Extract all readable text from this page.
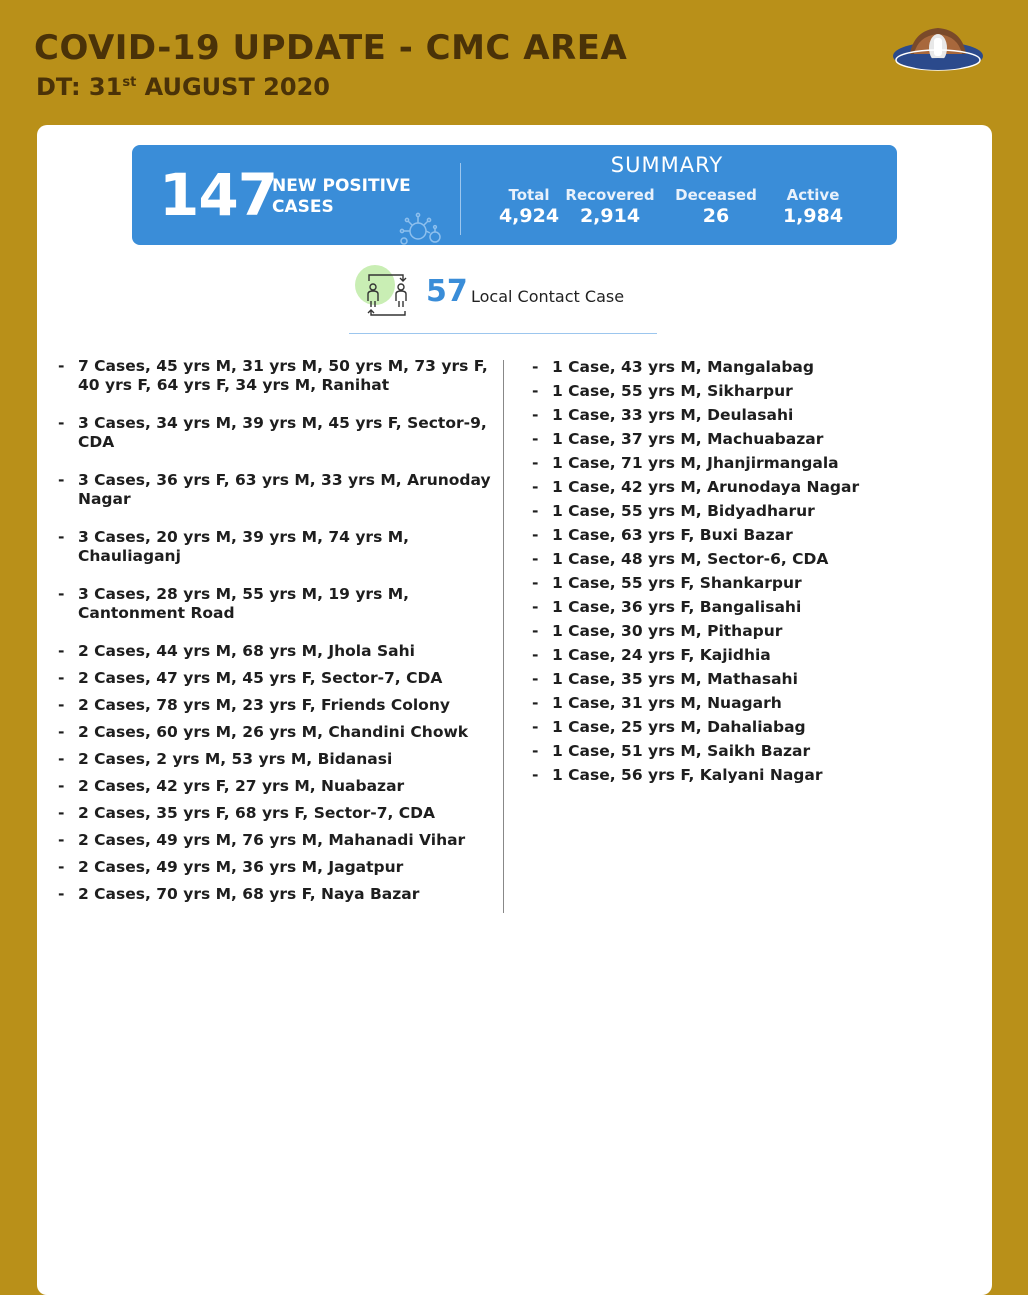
COVID-19 UPDATE - CMC AREA
DT: 31st AUGUST 2020
147
NEW POSITIVE CASES
SUMMARY
Total
4,924
Recovered
2,914
Deceased
26
Active
1,984
57 Local Contact Case
- 7 Cases, 45 yrs M, 31 yrs M, 50 yrs M, 73 yrs F, 40 yrs F, 64 yrs F, 34 yrs M, Ranihat
- 3 Cases, 34 yrs M, 39 yrs M, 45 yrs F, Sector-9, CDA
- 3 Cases, 36 yrs F, 63 yrs M, 33 yrs M, Arunoday Nagar
- 3 Cases, 20 yrs M, 39 yrs M, 74 yrs M, Chauliaganj
- 3 Cases, 28 yrs M, 55 yrs M, 19 yrs M, Cantonment Road
- 2 Cases, 44 yrs M, 68 yrs M, Jhola Sahi
- 2 Cases, 47 yrs M, 45 yrs F, Sector-7, CDA
- 2 Cases, 78 yrs M, 23 yrs F, Friends Colony
- 2 Cases, 60 yrs M, 26 yrs M, Chandini Chowk
- 2 Cases, 2 yrs M, 53 yrs M, Bidanasi
- 2 Cases, 42 yrs F, 27 yrs M, Nuabazar
- 2 Cases, 35 yrs F, 68 yrs F, Sector-7, CDA
- 2 Cases, 49 yrs M, 76 yrs M, Mahanadi Vihar
- 2 Cases, 49 yrs M, 36 yrs M, Jagatpur
- 2 Cases, 70 yrs M, 68 yrs F, Naya Bazar
- 1 Case, 43 yrs M, Mangalabag
- 1 Case, 55 yrs M, Sikharpur
- 1 Case, 33 yrs M, Deulasahi
- 1 Case, 37 yrs M, Machuabazar
- 1 Case, 71 yrs M, Jhanjirmangala
- 1 Case, 42 yrs M, Arunodaya Nagar
- 1 Case, 55 yrs M, Bidyadharur
- 1 Case, 63 yrs F, Buxi Bazar
- 1 Case, 48 yrs M, Sector-6, CDA
- 1 Case, 55 yrs F, Shankarpur
- 1 Case, 36 yrs F, Bangalisahi
- 1 Case, 30 yrs M, Pithapur
- 1 Case, 24 yrs F, Kajidhia
- 1 Case, 35 yrs M, Mathasahi
- 1 Case, 31 yrs M, Nuagarh
- 1 Case, 25 yrs M, Dahaliabag
- 1 Case, 51 yrs M, Saikh Bazar
- 1 Case, 56 yrs F, Kalyani Nagar
